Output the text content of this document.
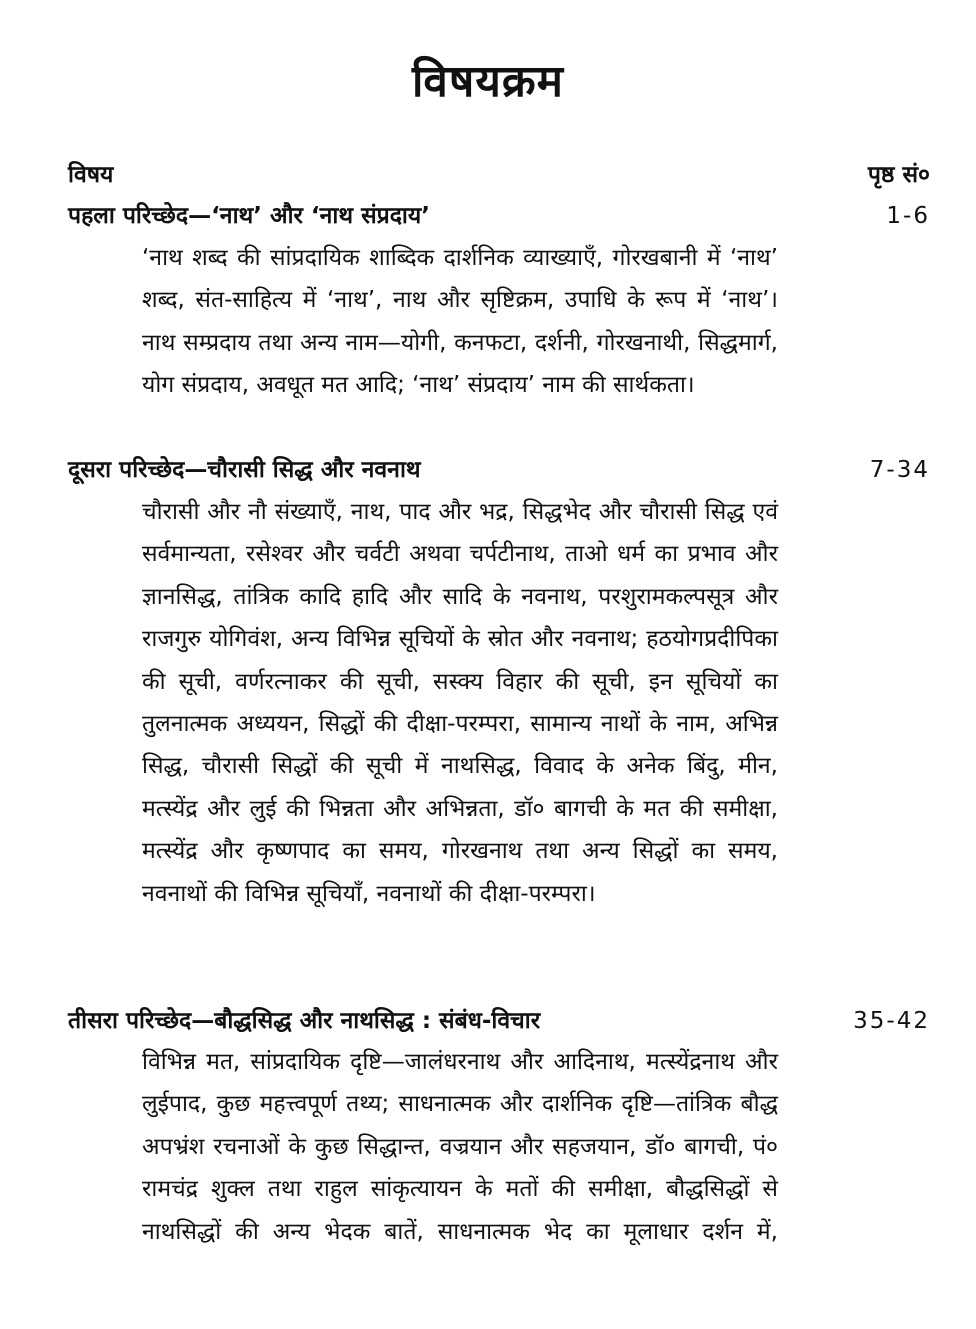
विषयक्रम
विषय	पृष्ठ सं०
पहला परिच्छेद—‘नाथ’ और ‘नाथ संप्रदाय’	1-6

‘नाथ शब्द की सांप्रदायिक शाब्दिक दार्शनिक व्याख्याएँ, गोरखबानी में ‘नाथ’ शब्द, संत-साहित्य में ‘नाथ’, नाथ और सृष्टिक्रम, उपाधि के रूप में ‘नाथ’। नाथ सम्प्रदाय तथा अन्य नाम—योगी, कनफटा, दर्शनी, गोरखनाथी, सिद्धमार्ग, योग संप्रदाय, अवधूत मत आदि; ‘नाथ’ संप्रदाय’ नाम की सार्थकता।

दूसरा परिच्छेद—चौरासी सिद्ध और नवनाथ	7-34

चौरासी और नौ संख्याएँ, नाथ, पाद और भद्र, सिद्धभेद और चौरासी सिद्ध एवं सर्वमान्यता, रसेश्वर और चर्वटी अथवा चर्पटीनाथ, ताओ धर्म का प्रभाव और ज्ञानसिद्ध, तांत्रिक कादि हादि और सादि के नवनाथ, परशुरामकल्पसूत्र और राजगुरु योगिवंश, अन्य विभिन्न सूचियों के स्रोत और नवनाथ; हठयोगप्रदीपिका की सूची, वर्णरत्नाकर की सूची, सस्क्य विहार की सूची, इन सूचियों का तुलनात्मक अध्ययन, सिद्धों की दीक्षा-परम्परा, सामान्य नाथों के नाम, अभिन्न सिद्ध, चौरासी सिद्धों की सूची में नाथसिद्ध, विवाद के अनेक बिंदु, मीन, मत्स्येंद्र और लुई की भिन्नता और अभिन्नता, डॉ० बागची के मत की समीक्षा, मत्स्येंद्र और कृष्णपाद का समय, गोरखनाथ तथा अन्य सिद्धों का समय, नवनाथों की विभिन्न सूचियाँ, नवनाथों की दीक्षा-परम्परा।

तीसरा परिच्छेद—बौद्धसिद्ध और नाथसिद्ध : संबंध-विचार	35-42

विभिन्न मत, सांप्रदायिक दृष्टि—जालंधरनाथ और आदिनाथ, मत्स्येंद्रनाथ और लुईपाद, कुछ महत्त्वपूर्ण तथ्य; साधनात्मक और दार्शनिक दृष्टि—तांत्रिक बौद्ध अपभ्रंश रचनाओं के कुछ सिद्धान्त, वज्रयान और सहजयान, डॉ० बागची, पं० रामचंद्र शुक्ल तथा राहुल सांकृत्यायन के मतों की समीक्षा, बौद्धसिद्धों से नाथसिद्धों की अन्य भेदक बातें, साधनात्मक भेद का मूलाधार दर्शन में,
